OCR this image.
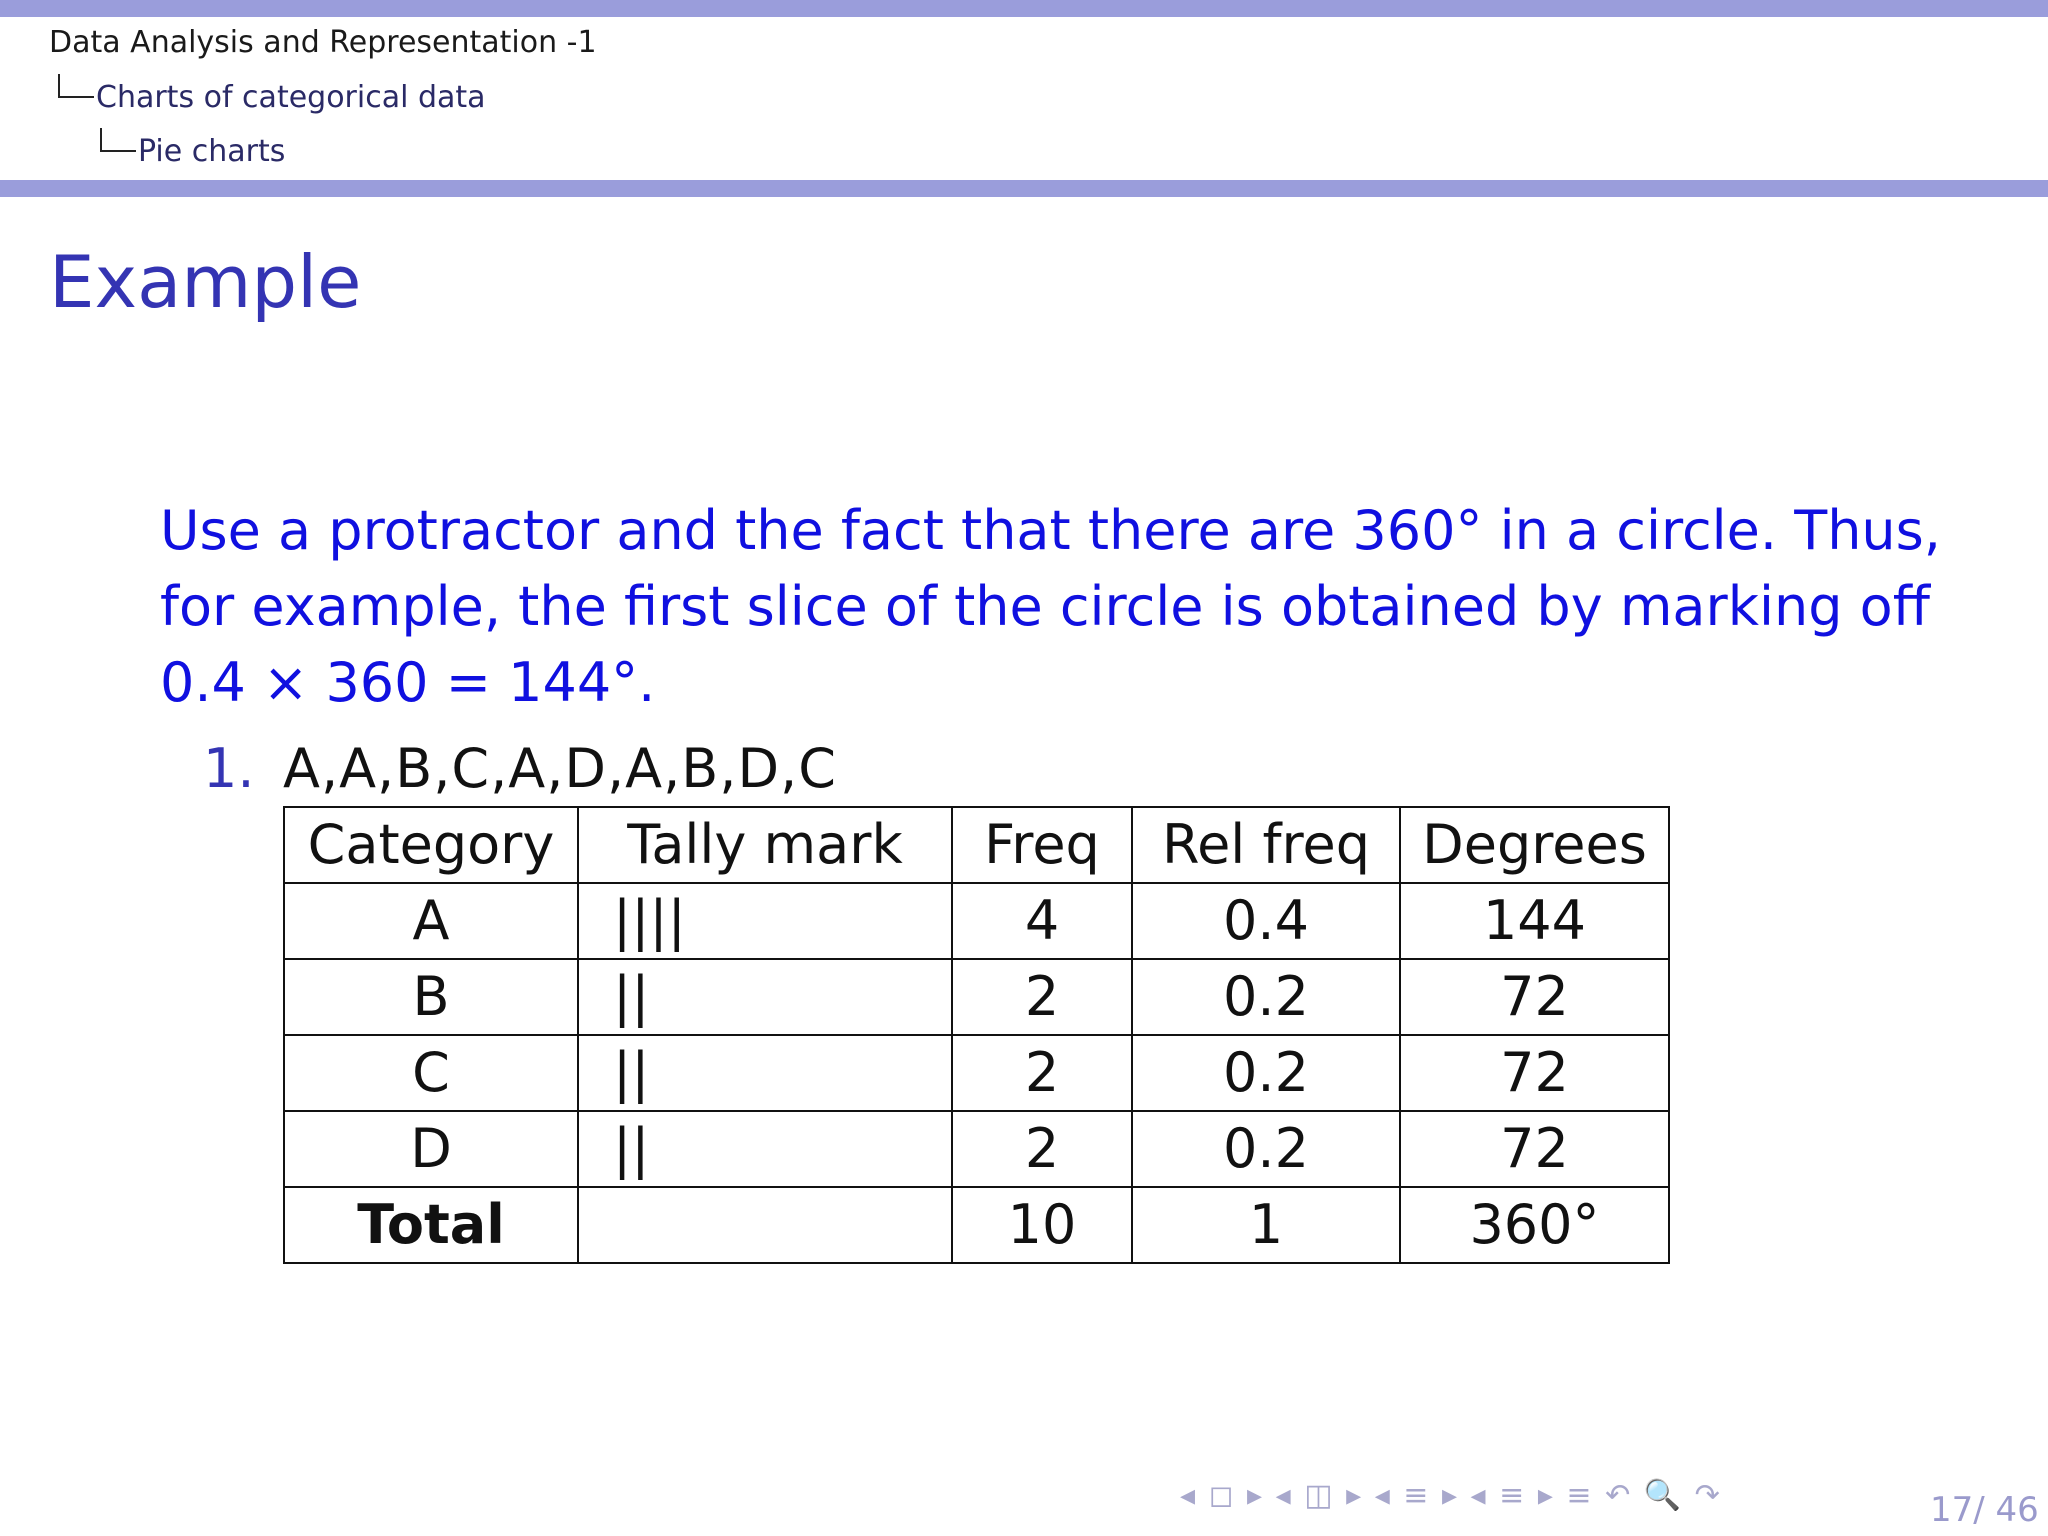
Data Analysis and Representation -1
Charts of categorical data
Pie charts
Example
Use a protractor and the fact that there are 360° in a circle. Thus,
for example, the first slice of the circle is obtained by marking off
0.4 × 360 = 144°.
1. A,A,B,C,A,D,A,B,D,C
Category	Tally mark	Freq	Rel freq	Degrees
A	||||	4	0.4	144
B	||	2	0.2	72
C	||	2	0.2	72
D	||	2	0.2	72
Total		10	1	360°
◂ ◻ ▸ ◂ ◫ ▸ ◂ ≡ ▸ ◂ ≡ ▸ ≡ ↶ 🔍 ↷	17/ 46
